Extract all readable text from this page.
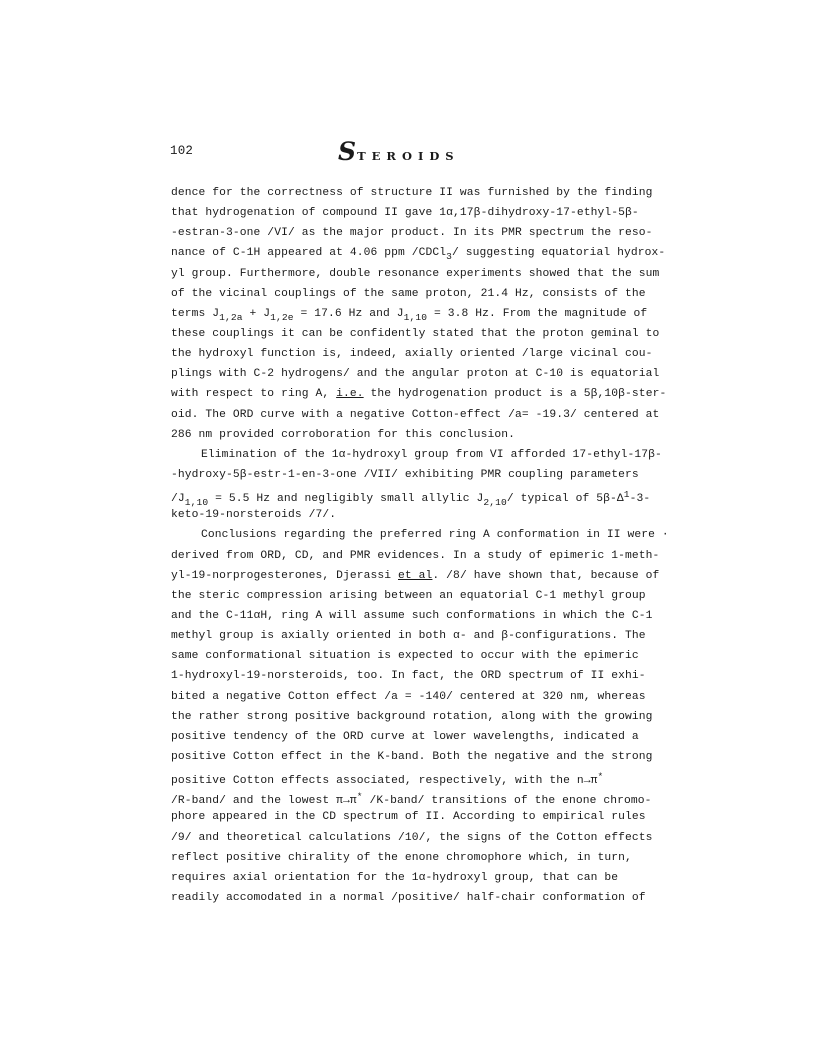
102	STEROIDS
dence for the correctness of structure II was furnished by the finding
that hydrogenation of compound II gave 1α,17β-dihydroxy-17-ethyl-5β-
-estran-3-one /VI/ as the major product. In its PMR spectrum the reso-
nance of C-1H appeared at 4.06 ppm /CDCl$_3$/ suggesting equatorial hydrox-
yl group. Furthermore, double resonance experiments showed that the sum
of the vicinal couplings of the same proton, 21.4 Hz, consists of the
terms $J_{1,2a} + J_{1,2e} = 17.6$ Hz and $J_{1,10} = 3.8$ Hz. From the magnitude of
these couplings it can be confidently stated that the proton geminal to
the hydroxyl function is, indeed, axially oriented /large vicinal cou-
plings with C-2 hydrogens/ and the angular proton at C-10 is equatorial
with respect to ring A, i.e. the hydrogenation product is a 5β,10β-ster-
oid. The ORD curve with a negative Cotton-effect /a= -19.3/ centered at
286 nm provided corroboration for this conclusion.
Elimination of the 1α-hydroxyl group from VI afforded 17-ethyl-17β-
-hydroxy-5β-estr-1-en-3-one /VII/ exhibiting PMR coupling parameters
$/J_{1,10} = 5.5$ Hz and negligibly small allylic $J_{2,10}/$ typical of $5\beta-\Delta^1-3-$
keto-19-norsteroids /7/.
Conclusions regarding the preferred ring A conformation in II were ·
derived from ORD, CD, and PMR evidences. In a study of epimeric 1-meth-
yl-19-norprogesterones, Djerassi et al. /8/ have shown that, because of
the steric compression arising between an equatorial C-1 methyl group
and the C-11αH, ring A will assume such conformations in which the C-1
methyl group is axially oriented in both α- and β-configurations. The
same conformational situation is expected to occur with the epimeric
1-hydroxyl-19-norsteroids, too. In fact, the ORD spectrum of II exhi-
bited a negative Cotton effect /a = -140/ centered at 320 nm, whereas
the rather strong positive background rotation, along with the growing
positive tendency of the ORD curve at lower wavelengths, indicated a
positive Cotton effect in the K-band. Both the negative and the strong
positive Cotton effects associated, respectively, with the n→π*
/R-band/ and the lowest π→π* /K-band/ transitions of the enone chromo-
phore appeared in the CD spectrum of II. According to empirical rules
/9/ and theoretical calculations /10/, the signs of the Cotton effects
reflect positive chirality of the enone chromophore which, in turn,
requires axial orientation for the 1α-hydroxyl group, that can be
readily accomodated in a normal /positive/ half-chair conformation of
